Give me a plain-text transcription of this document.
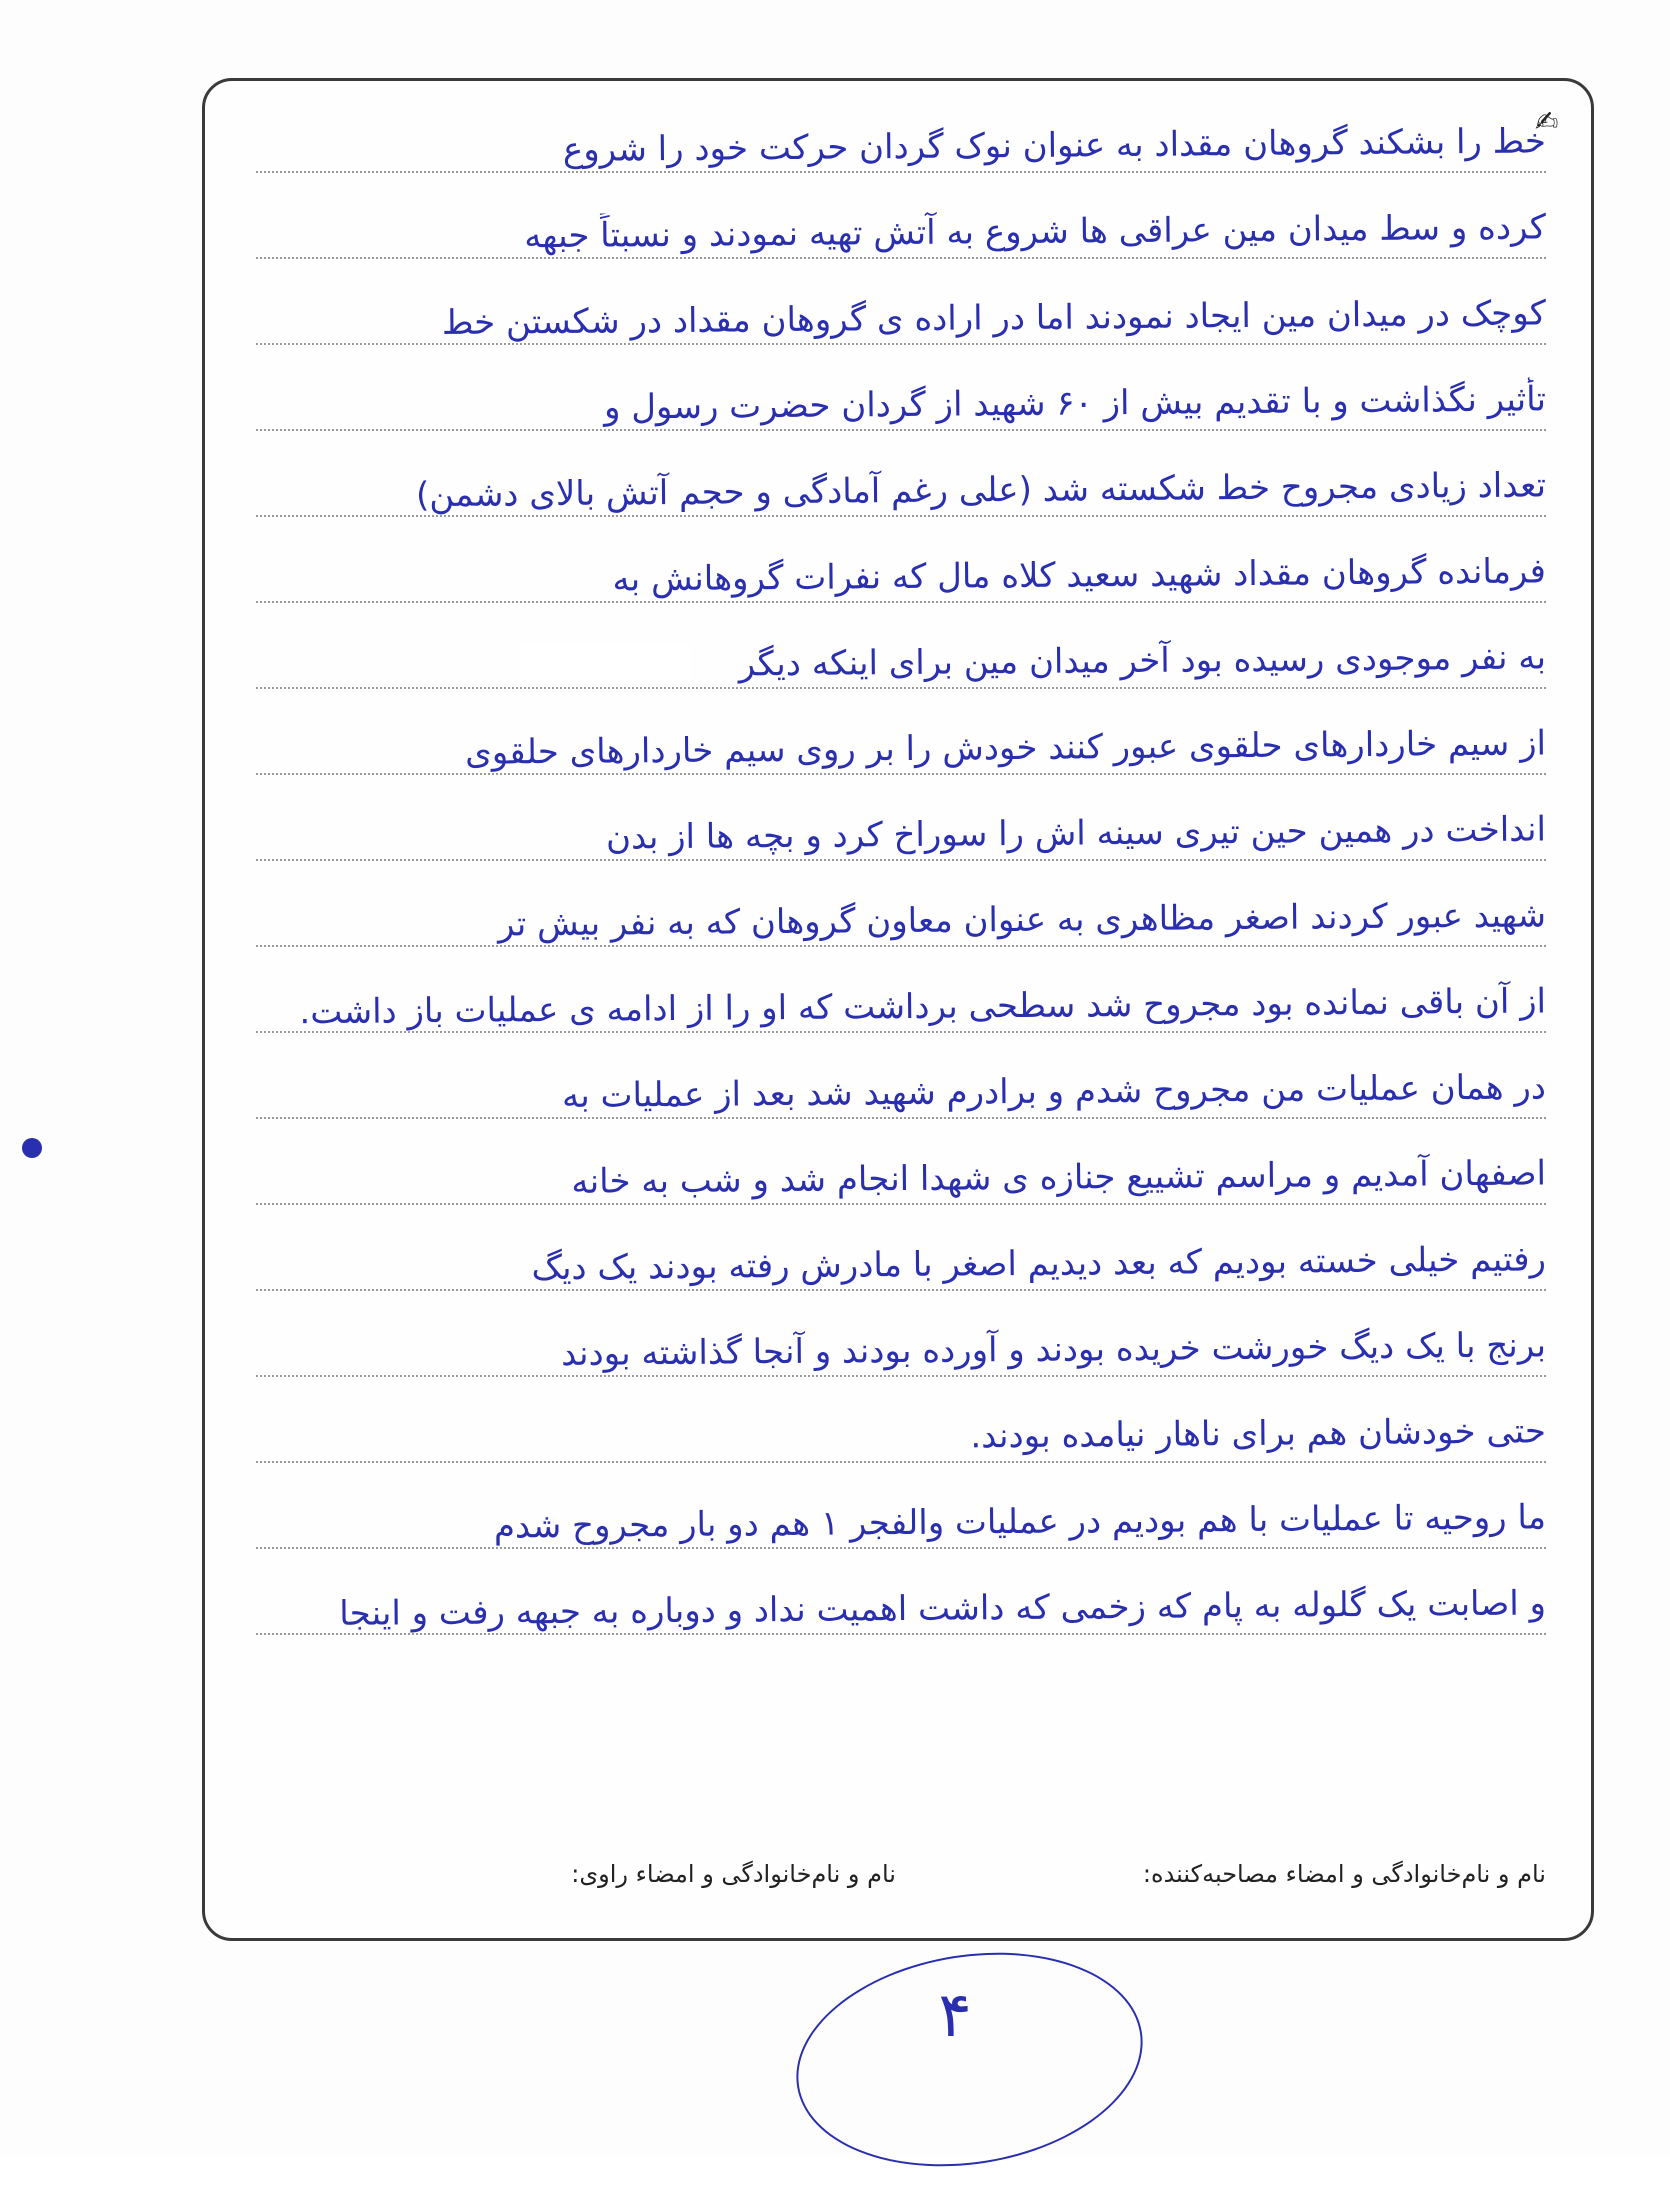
✍
خط را بشکند گروهان مقداد به عنوان نوک گردان حرکت خود را شروع
کرده و سط میدان مین عراقی ها شروع به آتش تهیه نمودند و نسبتاً جبهه
کوچک در میدان مین ایجاد نمودند اما در اراده ی گروهان مقداد در شکستن خط
تأثیر نگذاشت و با تقدیم بیش از ۶۰ شهید از گردان حضرت رسول و
تعداد زیادی مجروح خط شکسته شد (علی رغم آمادگی و حجم آتش بالای دشمن)
فرمانده گروهان مقداد شهید سعید کلاه مال که نفرات گروهانش به
به نفر موجودی رسیده بود آخر میدان مین برای اینکه دیگر
از سیم خاردارهای حلقوی عبور کنند خودش را بر روی سیم خاردارهای حلقوی
انداخت در همین حین تیری سینه اش را سوراخ کرد و بچه ها از بدن
شهید عبور کردند اصغر مظاهری به عنوان معاون گروهان که به نفر بیش تر
از آن باقی نمانده بود مجروح شد سطحی برداشت که او را از ادامه ی عملیات باز داشت.
در همان عملیات من مجروح شدم و برادرم شهید شد بعد از عملیات به
اصفهان آمدیم و مراسم تشییع جنازه ی شهدا انجام شد و شب به خانه
رفتیم خیلی خسته بودیم که بعد دیدیم اصغر با مادرش رفته بودند یک دیگ
برنج با یک دیگ خورشت خریده بودند و آورده بودند و آنجا گذاشته بودند
حتی خودشان هم برای ناهار نیامده بودند.
ما روحیه تا عملیات با هم بودیم در عملیات والفجر ۱ هم دو بار مجروح شدم
و اصابت یک گلوله به پام که زخمی که داشت اهمیت نداد و دوباره به جبهه رفت و اینجا
نام و نام‌خانوادگی و امضاء مصاحبه‌کننده:
نام و نام‌خانوادگی و امضاء راوی:
۴
